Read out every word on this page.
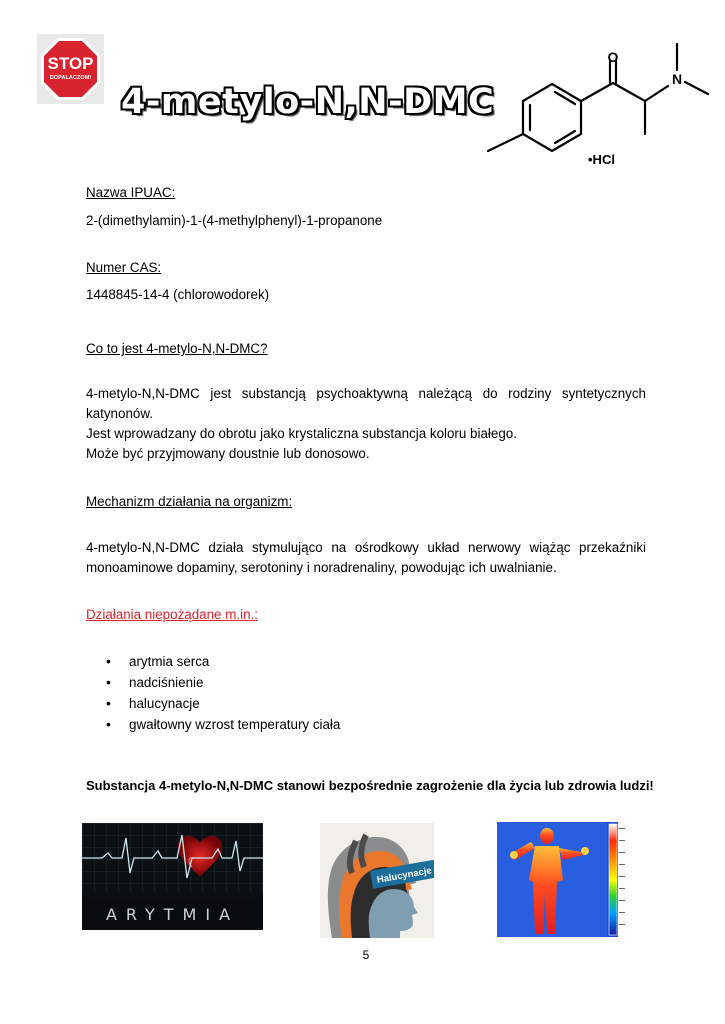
STOP
DOPALACZOM!
4-metylo-N,N-DMC
O
N
•HCl
Nazwa IPUAC:
2-(dimethylamin)-1-(4-methylphenyl)-1-propanone
Numer CAS:
1448845-14-4 (chlorowodorek)
Co to jest 4-metylo-N,N-DMC?
4-metylo-N,N-DMC jest substancją psychoaktywną należącą do rodziny syntetycznych katynonów.
Jest wprowadzany do obrotu jako krystaliczna substancja koloru białego.
Może być przyjmowany doustnie lub donosowo.
Mechanizm działania na organizm:
4-metylo-N,N-DMC działa stymulująco na ośrodkowy układ nerwowy wiążąc przekaźniki monoaminowe dopaminy, serotoniny i noradrenaliny, powodując ich uwalnianie.
Działania niepożądane m.in.:
• arytmia serca
• nadciśnienie
• halucynacje
• gwałtowny wzrost temperatury ciała
Substancja 4-metylo-N,N-DMC stanowi bezpośrednie zagrożenie dla życia lub zdrowia ludzi!
ARYTMIA
Halucynacje
5
